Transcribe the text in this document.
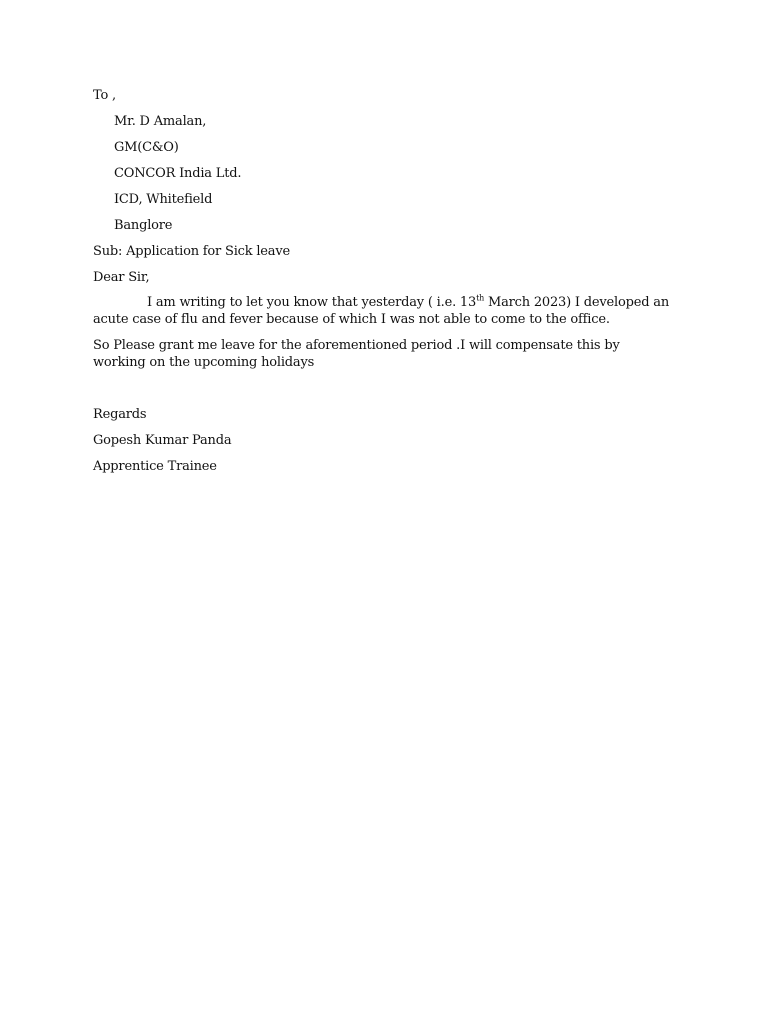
To ,
Mr. D Amalan,
GM(C&O)
CONCOR India Ltd.
ICD, Whitefield
Banglore
Sub: Application for Sick leave
Dear Sir,
I am writing to let you know that yesterday ( i.e. 13th March 2023) I developed an acute case of flu and fever because of which I was not able to come to the office.
So Please grant me leave for the aforementioned period .I will compensate this by working on the upcoming holidays
Regards
Gopesh Kumar Panda
Apprentice Trainee
